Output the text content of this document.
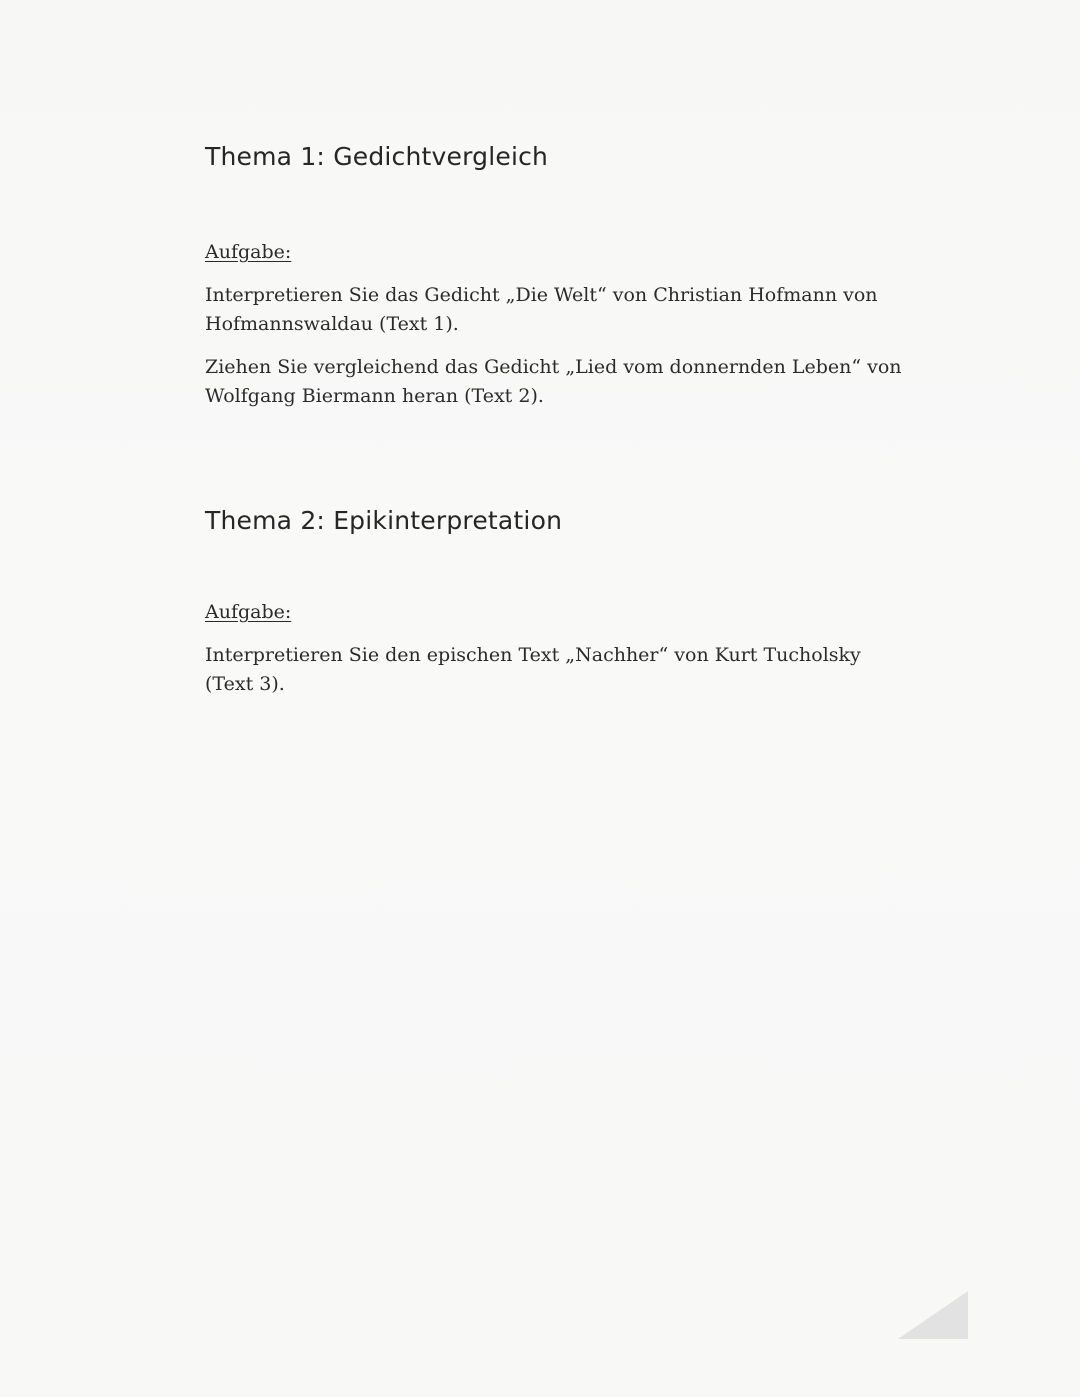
Thema 1: Gedichtvergleich

Aufgabe:

Interpretieren Sie das Gedicht „Die Welt“ von Christian Hofmann von Hofmannswaldau (Text 1).

Ziehen Sie vergleichend das Gedicht „Lied vom donnernden Leben“ von Wolfgang Biermann heran (Text 2).

Thema 2: Epikinterpretation

Aufgabe:

Interpretieren Sie den epischen Text „Nachher“ von Kurt Tucholsky (Text 3).
